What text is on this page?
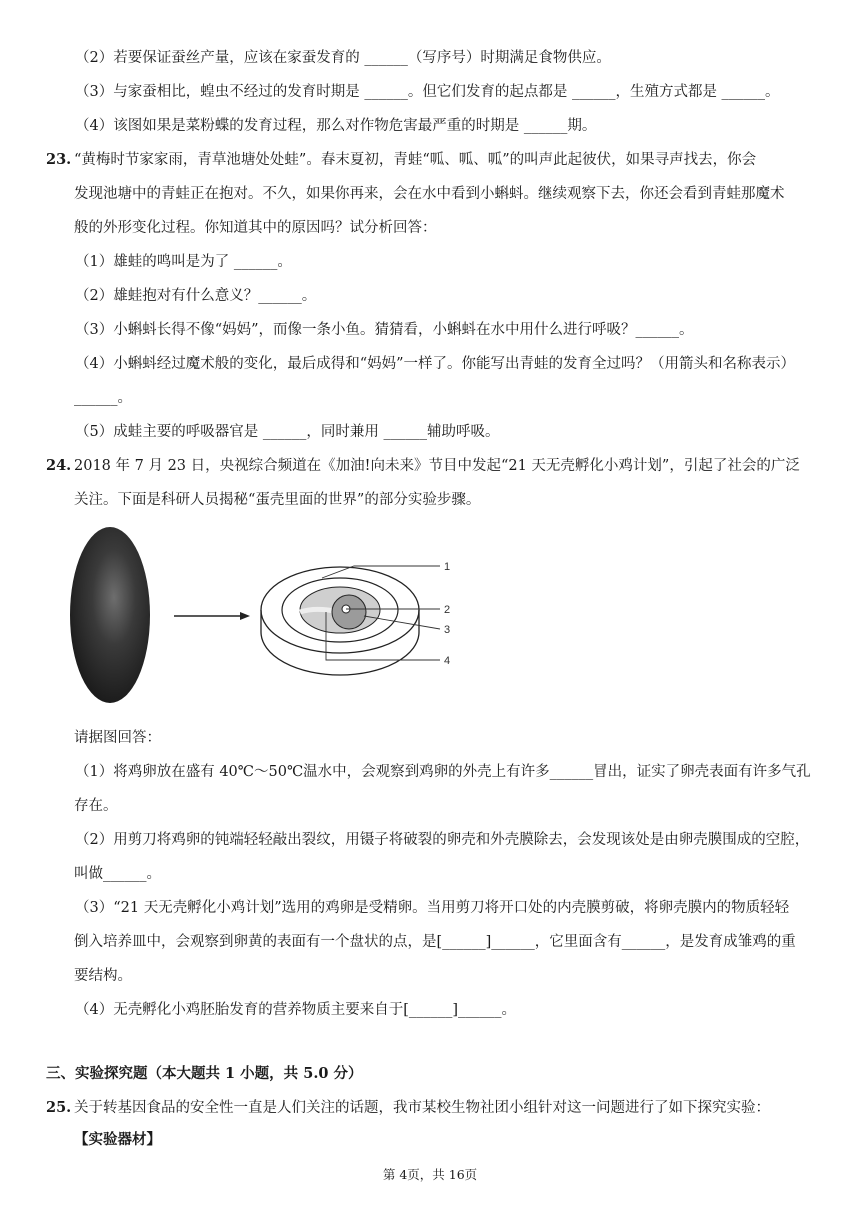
（2）若要保证蚕丝产量，应该在家蚕发育的 ______（写序号）时期满足食物供应。
（3）与家蚕相比，蝗虫不经过的发育时期是 ______。但它们发育的起点都是 ______，生殖方式都是 ______。
（4）该图如果是菜粉蝶的发育过程，那么对作物危害最严重的时期是 ______期。
23. “黄梅时节家家雨，青草池塘处处蛙”。春末夏初，青蛙“呱、呱、呱”的叫声此起彼伏，如果寻声找去，你会
发现池塘中的青蛙正在抱对。不久，如果你再来，会在水中看到小蝌蚪。继续观察下去，你还会看到青蛙那魔术
般的外形变化过程。你知道其中的原因吗？试分析回答：
（1）雄蛙的鸣叫是为了 ______。
（2）雄蛙抱对有什么意义？______。
（3）小蝌蚪长得不像“妈妈”，而像一条小鱼。猜猜看，小蝌蚪在水中用什么进行呼吸？______。
（4）小蝌蚪经过魔术般的变化，最后成得和“妈妈”一样了。你能写出青蛙的发育全过吗？（用箭头和名称表示）
______。
（5）成蛙主要的呼吸器官是 ______，同时兼用 ______辅助呼吸。
24. 2018 年 7 月 23 日，央视综合频道在《加油!向未来》节目中发起“21 天无壳孵化小鸡计划”，引起了社会的广泛
关注。下面是科研人员揭秘“蛋壳里面的世界”的部分实验步骤。
1
2
3
4
请据图回答：
（1）将鸡卵放在盛有 40℃～50℃温水中，会观察到鸡卵的外壳上有许多______冒出，证实了卵壳表面有许多气孔
存在。
（2）用剪刀将鸡卵的钝端轻轻敲出裂纹，用镊子将破裂的卵壳和外壳膜除去，会发现该处是由卵壳膜围成的空腔，
叫做______。
（3）“21 天无壳孵化小鸡计划”选用的鸡卵是受精卵。当用剪刀将开口处的内壳膜剪破，将卵壳膜内的物质轻轻
倒入培养皿中，会观察到卵黄的表面有一个盘状的点，是[______]______，它里面含有______，是发育成雏鸡的重
要结构。
（4）无壳孵化小鸡胚胎发育的营养物质主要来自于[______]______。
三、实验探究题（本大题共 1 小题，共 5.0 分）
25. 关于转基因食品的安全性一直是人们关注的话题，我市某校生物社团小组针对这一问题进行了如下探究实验：
【实验器材】
第 4页，共 16页
